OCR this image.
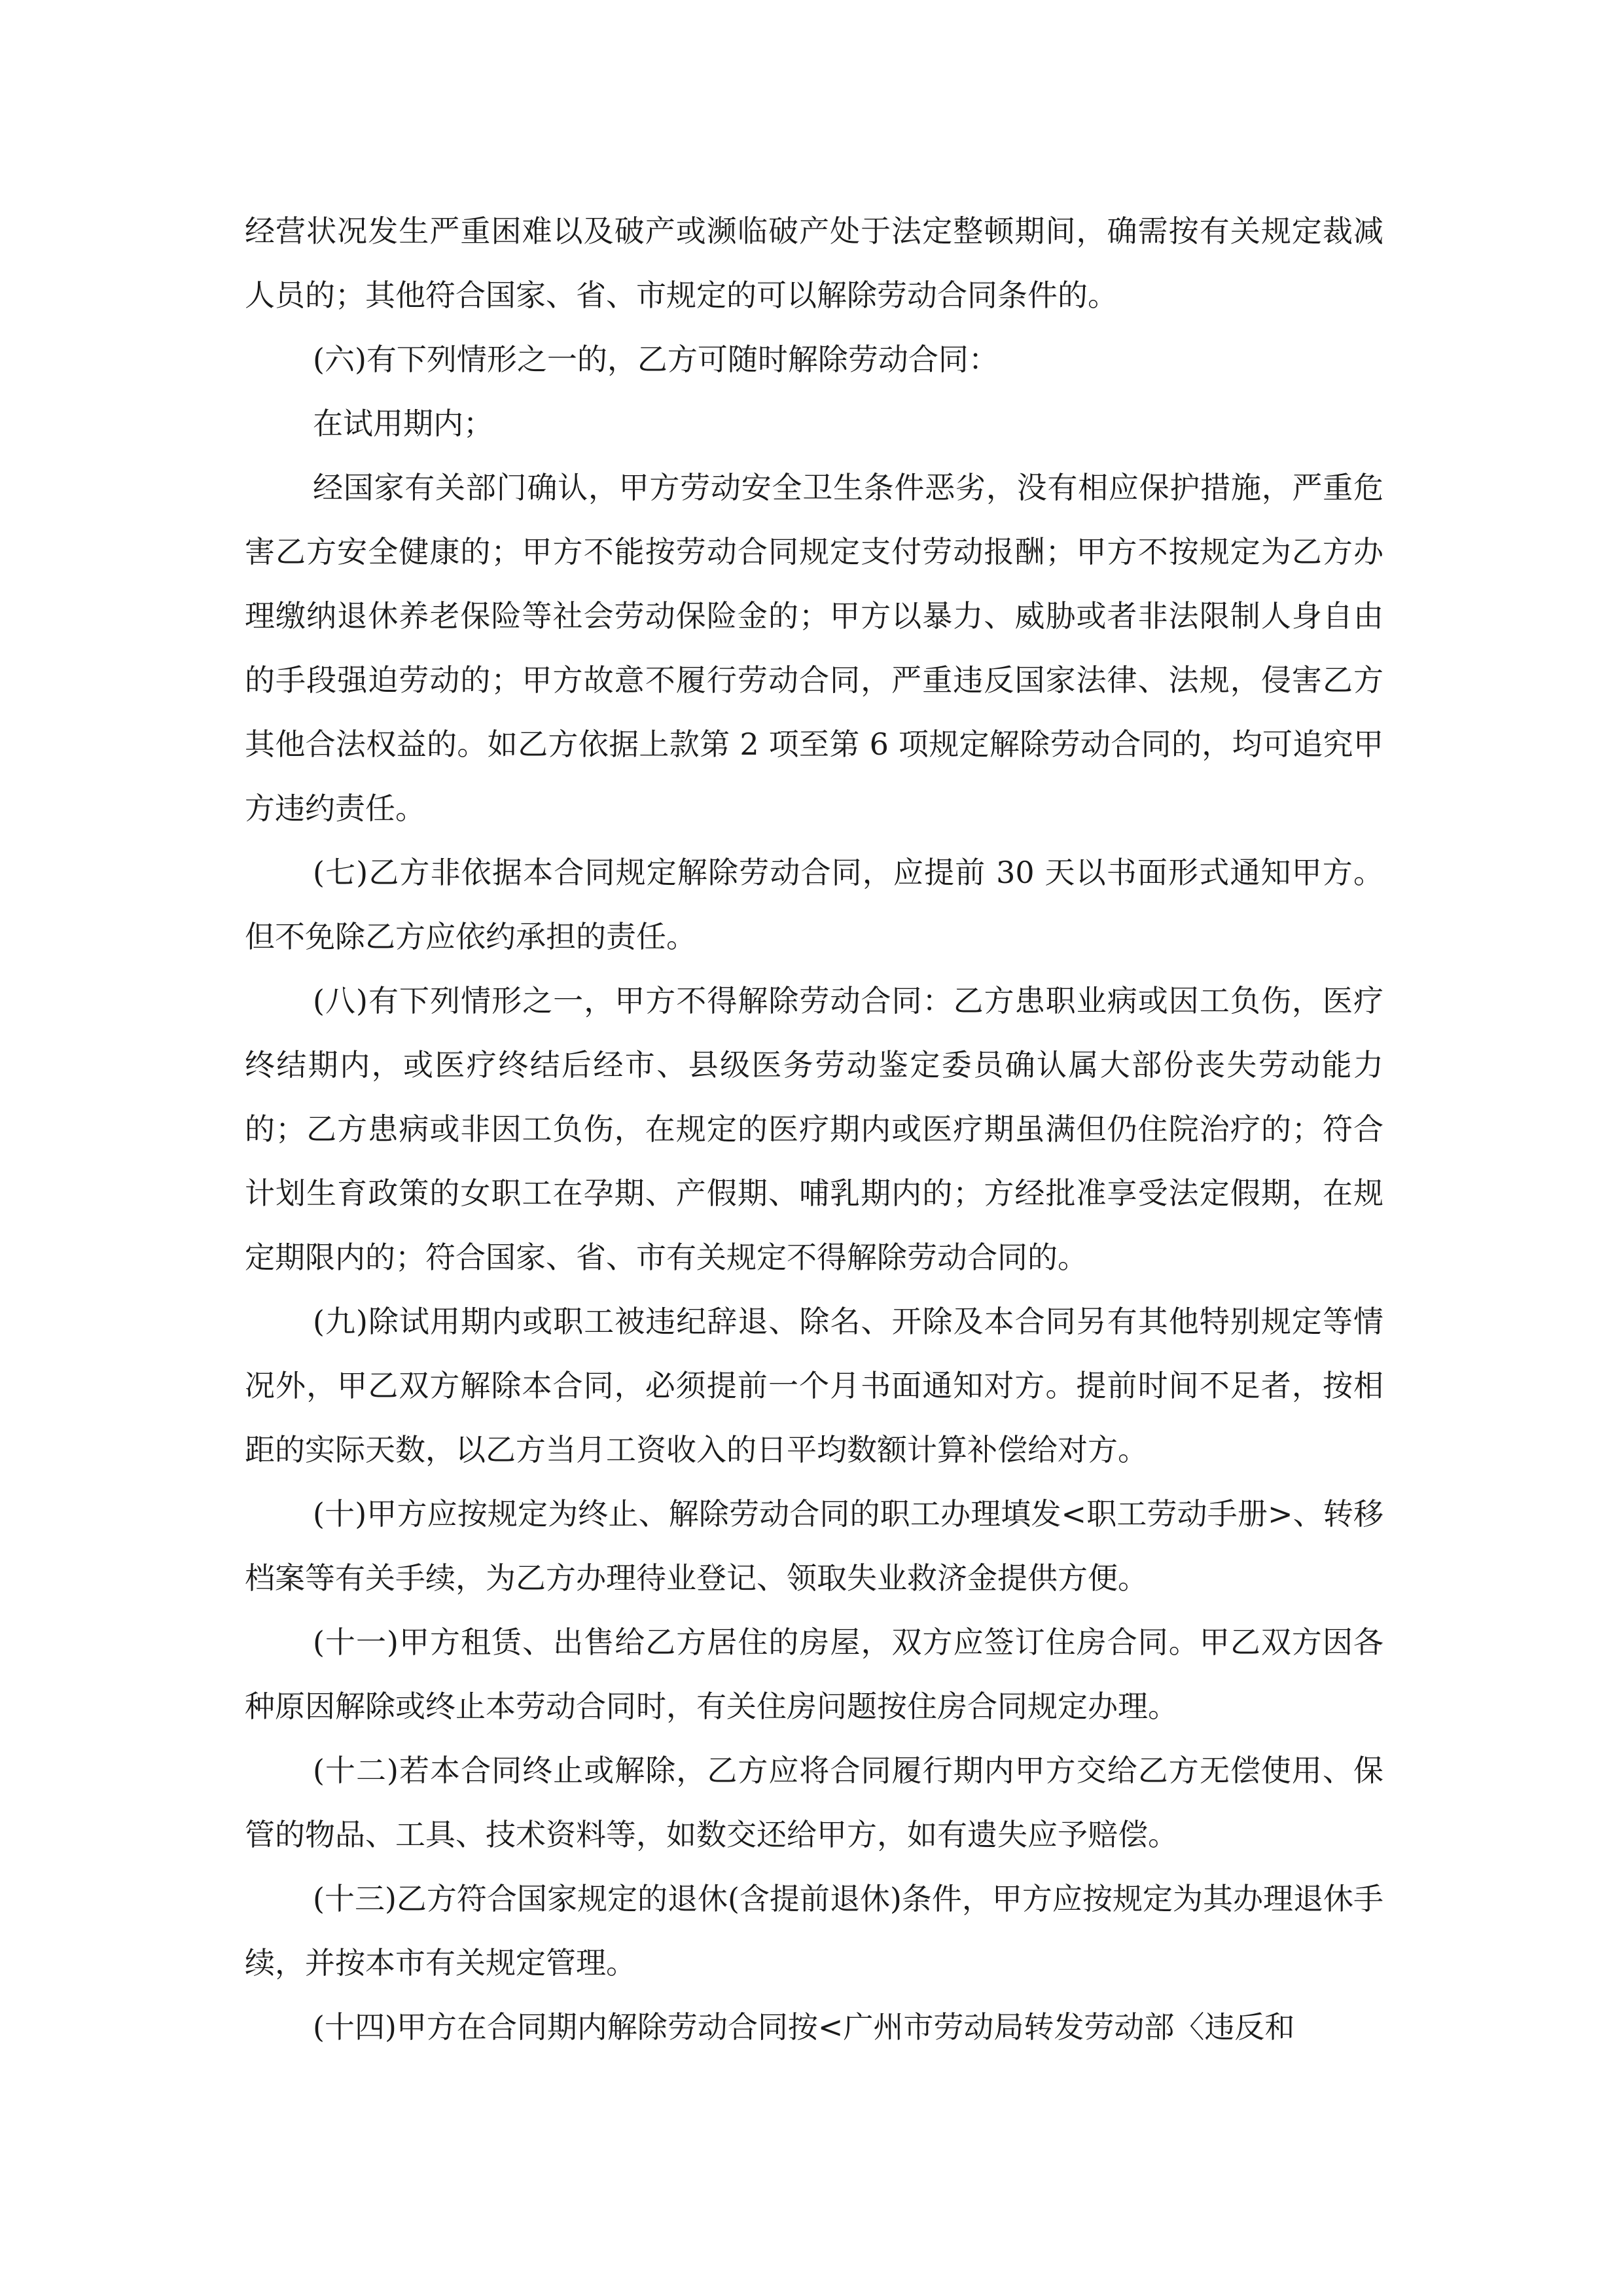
经营状况发生严重困难以及破产或濒临破产处于法定整顿期间，确需按有关规定裁减人员的；其他符合国家、省、市规定的可以解除劳动合同条件的。

(六)有下列情形之一的，乙方可随时解除劳动合同：

在试用期内；

经国家有关部门确认，甲方劳动安全卫生条件恶劣，没有相应保护措施，严重危害乙方安全健康的；甲方不能按劳动合同规定支付劳动报酬；甲方不按规定为乙方办理缴纳退休养老保险等社会劳动保险金的；甲方以暴力、威胁或者非法限制人身自由的手段强迫劳动的；甲方故意不履行劳动合同，严重违反国家法律、法规，侵害乙方其他合法权益的。如乙方依据上款第 2 项至第 6 项规定解除劳动合同的，均可追究甲方违约责任。

(七)乙方非依据本合同规定解除劳动合同，应提前 30 天以书面形式通知甲方。但不免除乙方应依约承担的责任。

(八)有下列情形之一，甲方不得解除劳动合同：乙方患职业病或因工负伤，医疗终结期内，或医疗终结后经市、县级医务劳动鉴定委员确认属大部份丧失劳动能力的；乙方患病或非因工负伤，在规定的医疗期内或医疗期虽满但仍住院治疗的；符合计划生育政策的女职工在孕期、产假期、哺乳期内的；方经批准享受法定假期，在规定期限内的；符合国家、省、市有关规定不得解除劳动合同的。

(九)除试用期内或职工被违纪辞退、除名、开除及本合同另有其他特别规定等情况外，甲乙双方解除本合同，必须提前一个月书面通知对方。提前时间不足者，按相距的实际天数，以乙方当月工资收入的日平均数额计算补偿给对方。

(十)甲方应按规定为终止、解除劳动合同的职工办理填发<职工劳动手册>、转移档案等有关手续，为乙方办理待业登记、领取失业救济金提供方便。

(十一)甲方租赁、出售给乙方居住的房屋，双方应签订住房合同。甲乙双方因各种原因解除或终止本劳动合同时，有关住房问题按住房合同规定办理。

(十二)若本合同终止或解除，乙方应将合同履行期内甲方交给乙方无偿使用、保管的物品、工具、技术资料等，如数交还给甲方，如有遗失应予赔偿。

(十三)乙方符合国家规定的退休(含提前退休)条件，甲方应按规定为其办理退休手续，并按本市有关规定管理。

(十四)甲方在合同期内解除劳动合同按<广州市劳动局转发劳动部〈违反和
